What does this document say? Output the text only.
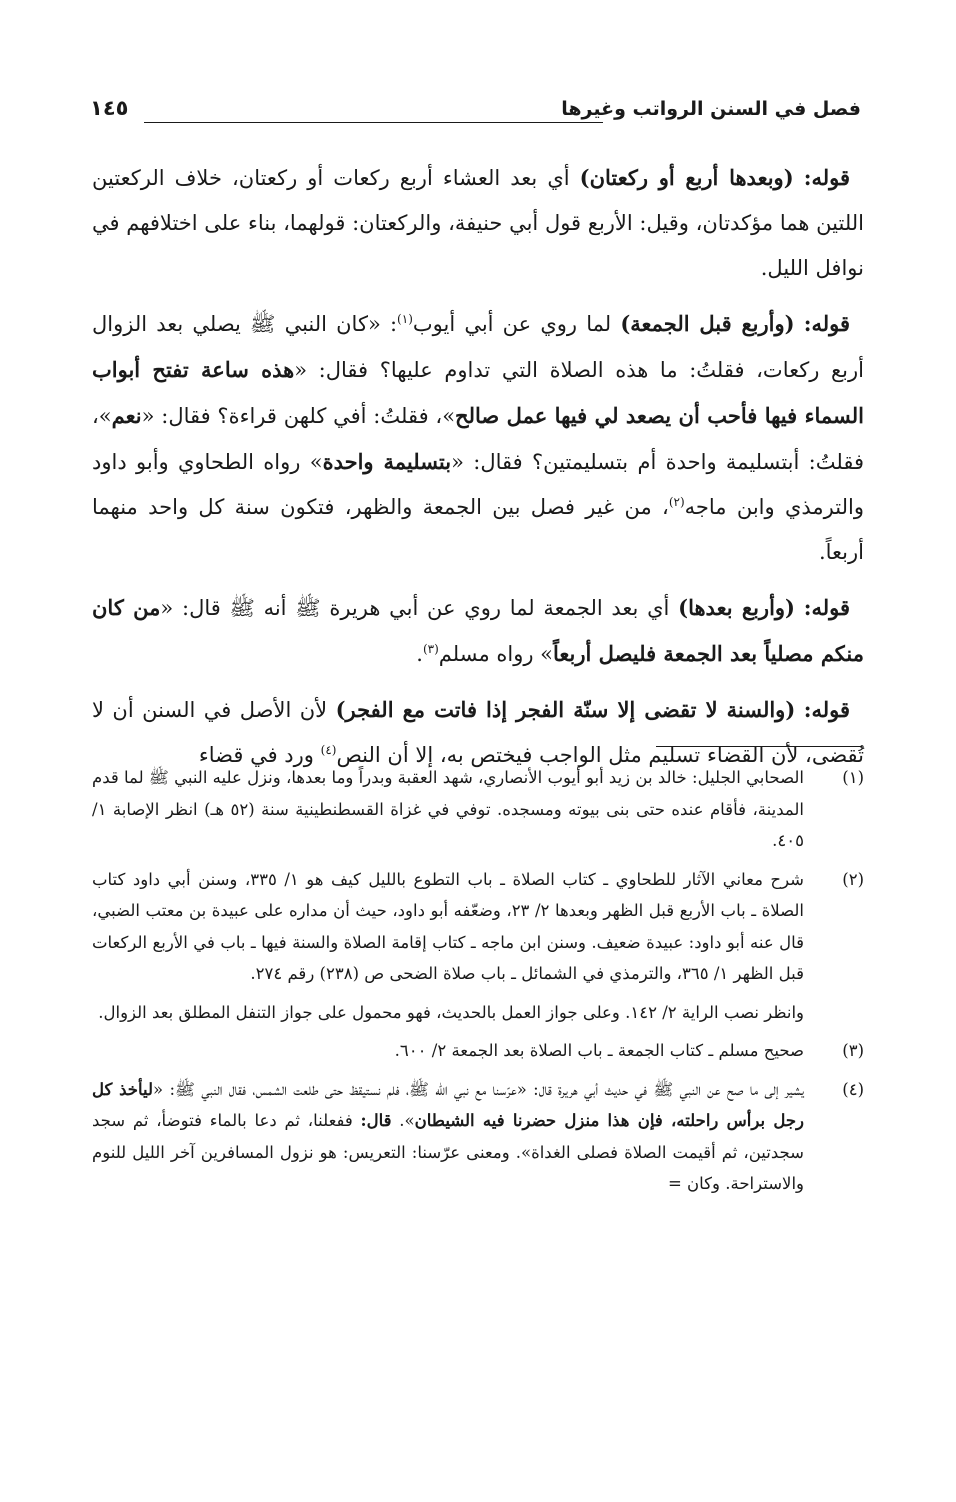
فصل في السنن الرواتب وغيرها
١٤٥

قوله: (وبعدها أربع أو ركعتان) أي بعد العشاء أربع ركعات أو ركعتان، خلاف الركعتين اللتين هما مؤكدتان، وقيل: الأربع قول أبي حنيفة، والركعتان: قولهما، بناء على اختلافهم في نوافل الليل.

قوله: (وأربع قبل الجمعة) لما روي عن أبي أيوب$^{(١)}$: «كان النبي ﷺ يصلي بعد الزوال أربع ركعات، فقلتُ: ما هذه الصلاة التي تداوم عليها؟ فقال: «هذه ساعة تفتح أبواب السماء فيها فأحب أن يصعد لي فيها عمل صالح»، فقلتُ: أفي كلهن قراءة؟ فقال: «نعم»، فقلتُ: أبتسليمة واحدة أم بتسليمتين؟ فقال: «بتسليمة واحدة» رواه الطحاوي وأبو داود والترمذي وابن ماجه$^{(٢)}$، من غير فصل بين الجمعة والظهر، فتكون سنة كل واحد منهما أربعاً.

قوله: (وأربع بعدها) أي بعد الجمعة لما روي عن أبي هريرة ﷺ أنه ﷺ قال: «من كان منكم مصلياً بعد الجمعة فليصل أربعاً» رواه مسلم$^{(٣)}$.

قوله: (والسنة لا تقضى إلا سنّة الفجر إذا فاتت مع الفجر) لأن الأصل في السنن أن لا تُقضى، لأن القضاء تسليم مثل الواجب فيختص به، إلا أن النص$^{(٤)}$ ورد في قضاء

(١)
الصحابي الجليل: خالد بن زيد أبو أيوب الأنصاري، شهد العقبة وبدراً وما بعدها، ونزل عليه النبي ﷺ لما قدم المدينة، فأقام عنده حتى بنى بيوته ومسجده. توفي في غزاة القسطنطينية سنة (٥٢ هـ) انظر الإصابة ١/ ٤٠٥.
(٢)
شرح معاني الآثار للطحاوي ـ كتاب الصلاة ـ باب التطوع بالليل كيف هو ١/ ٣٣٥، وسنن أبي داود كتاب الصلاة ـ باب الأربع قبل الظهر وبعدها ٢/ ٢٣، وضعّفه أبو داود، حيث أن مداره على عبيدة بن معتب الضبي، قال عنه أبو داود: عبيدة ضعيف. وسنن ابن ماجه ـ كتاب إقامة الصلاة والسنة فيها ـ باب في الأربع الركعات قبل الظهر ١/ ٣٦٥، والترمذي في الشمائل ـ باب صلاة الضحى ص (٢٣٨) رقم ٢٧٤.
وانظر نصب الراية ٢/ ١٤٢. وعلى جواز العمل بالحديث، فهو محمول على جواز التنفل المطلق بعد الزوال.
(٣)
صحيح مسلم ـ كتاب الجمعة ـ باب الصلاة بعد الجمعة ٢/ ٦٠٠.
(٤)
يشير إلى ما صح عن النبي ﷺ في حديث أبي هريرة قال: «عرّسنا مع نبي الله ﷺ، فلم نستيقظ حتى طلعت الشمس، فقال النبي ﷺ: «ليأخذ كل رجل برأس راحلته، فإن هذا منزل حضرنا فيه الشيطان». قال: ففعلنا، ثم دعا بالماء فتوضأ، ثم سجد سجدتين، ثم أقيمت الصلاة فصلى الغداة». ومعنى عرّسنا: التعريس: هو نزول المسافرين آخر الليل للنوم والاستراحة. وكان =
